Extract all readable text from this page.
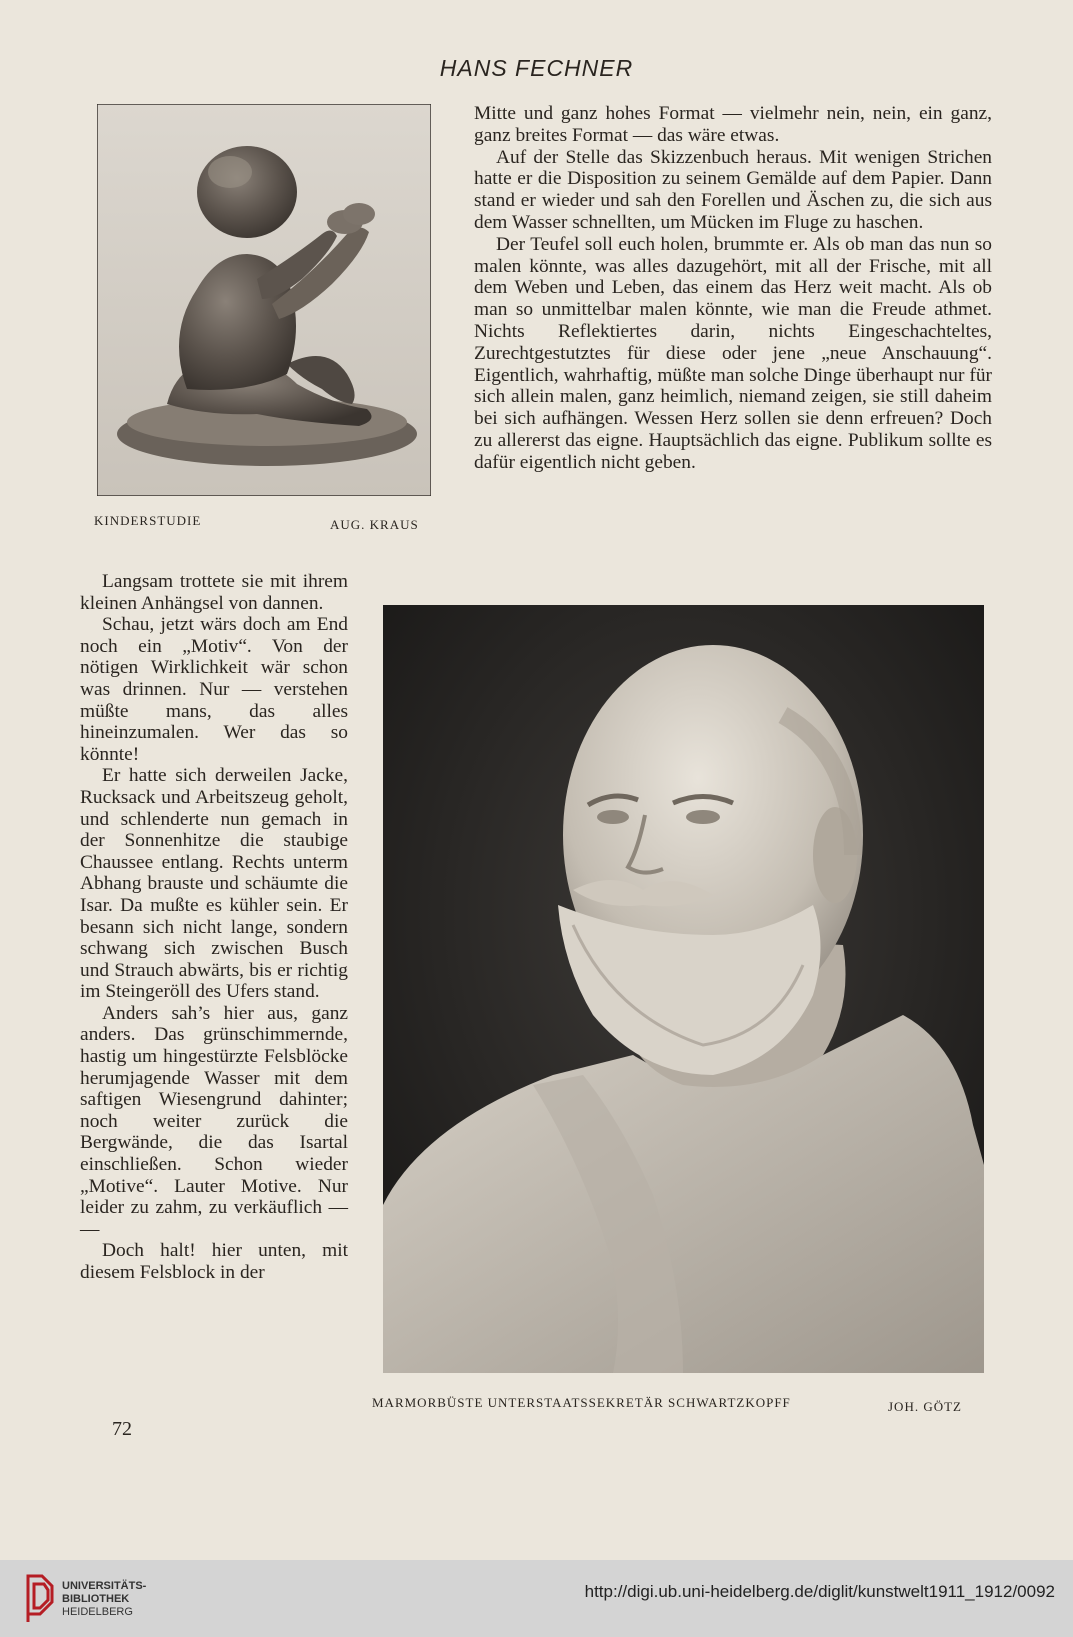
HANS FECHNER
KINDERSTUDIE	AUG. KRAUS

Mitte und ganz hohes Format — vielmehr nein, nein, ein ganz, ganz breites Format — das wäre etwas.

Auf der Stelle das Skizzenbuch heraus. Mit wenigen Strichen hatte er die Disposition zu seinem Gemälde auf dem Papier. Dann stand er wieder und sah den Forellen und Äschen zu, die sich aus dem Wasser schnellten, um Mücken im Fluge zu haschen.

Der Teufel soll euch holen, brummte er. Als ob man das nun so malen könnte, was alles dazugehört, mit all der Frische, mit all dem Weben und Leben, das einem das Herz weit macht. Als ob man so unmittelbar malen könnte, wie man die Freude athmet. Nichts Reflektiertes darin, nichts Eingeschachteltes, Zurechtgestutztes für diese oder jene „neue Anschauung“. Eigentlich, wahrhaftig, müßte man solche Dinge überhaupt nur für sich allein malen, ganz heimlich, niemand zeigen, sie still daheim bei sich aufhängen. Wessen Herz sollen sie denn erfreuen? Doch zu allererst das eigne. Hauptsächlich das eigne. Publikum sollte es dafür eigentlich nicht geben.

Langsam trottete sie mit ihrem kleinen Anhängsel von dannen.

Schau, jetzt wärs doch am End noch ein „Motiv“. Von der nötigen Wirklichkeit wär schon was drinnen. Nur — verstehen müßte mans, das alles hineinzumalen. Wer das so könnte!

Er hatte sich derweilen Jacke, Rucksack und Arbeitszeug geholt, und schlenderte nun gemach in der Sonnenhitze die staubige Chaussee entlang. Rechts unterm Abhang brauste und schäumte die Isar. Da mußte es kühler sein. Er besann sich nicht lange, sondern schwang sich zwischen Busch und Strauch abwärts, bis er richtig im Steingeröll des Ufers stand.

Anders sah’s hier aus, ganz anders. Das grünschimmernde, hastig um hingestürzte Felsblöcke herumjagende Wasser mit dem saftigen Wiesengrund dahinter; noch weiter zurück die Bergwände, die das Isartal einschließen. Schon wieder „Motive“. Lauter Motive. Nur leider zu zahm, zu verkäuflich — —

Doch halt! hier unten, mit diesem Felsblock in der

MARMORBÜSTE UNTERSTAATSSEKRETÄR SCHWARTZKOPFF	JOH. GÖTZ
72
UNIVERSITÄTS-
BIBLIOTHEK
HEIDELBERG
http://digi.ub.uni-heidelberg.de/diglit/kunstwelt1911_1912/0092
